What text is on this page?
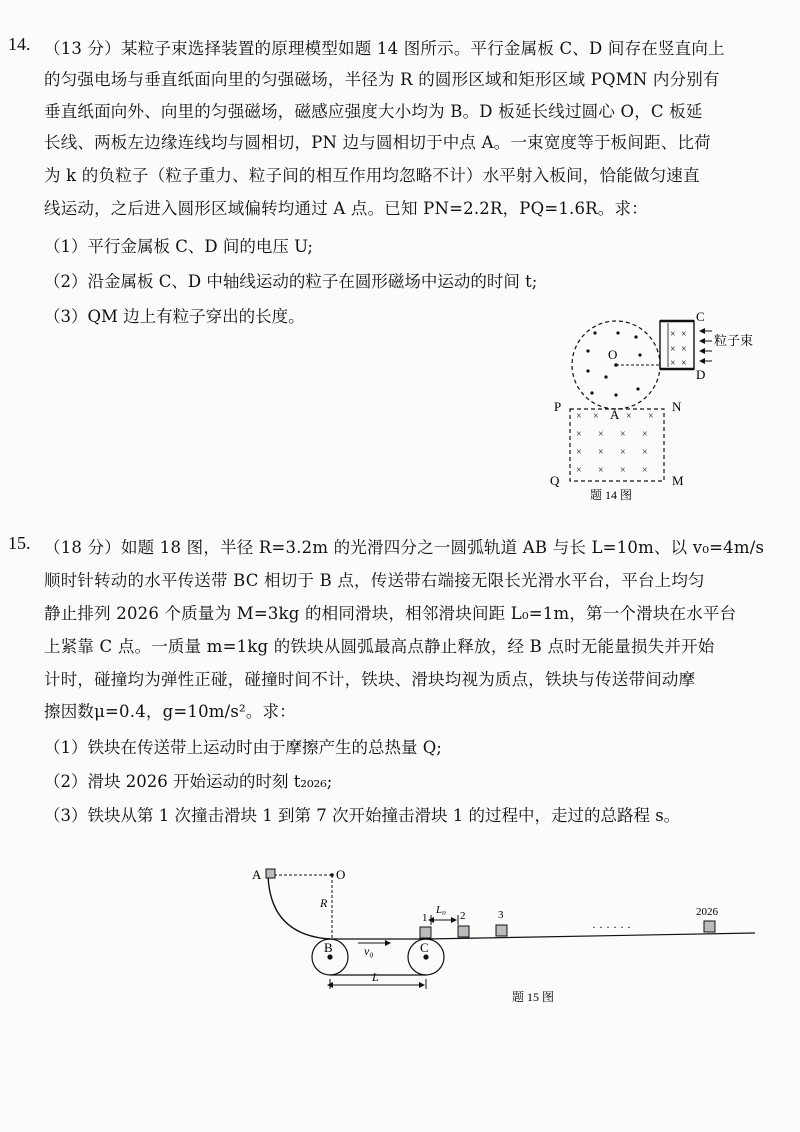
14. （13 分）某粒子束选择装置的原理模型如题 14 图所示。平行金属板 C、D 间存在竖直向上
的匀强电场与垂直纸面向里的匀强磁场，半径为 R 的圆形区域和矩形区域 PQMN 内分别有
垂直纸面向外、向里的匀强磁场，磁感应强度大小均为 B。D 板延长线过圆心 O，C 板延
长线、两板左边缘连线均与圆相切，PN 边与圆相切于中点 A。一束宽度等于板间距、比荷
为 k 的负粒子（粒子重力、粒子间的相互作用均忽略不计）水平射入板间，恰能做匀速直
线运动，之后进入圆形区域偏转均通过 A 点。已知 PN=2.2R，PQ=1.6R。求：
（1）平行金属板 C、D 间的电压 U;
（2）沿金属板 C、D 中轴线运动的粒子在圆形磁场中运动的时间 t;
（3）QM 边上有粒子穿出的长度。
O
× ×
× ×
× ×
C
D
粒子束
× ×	× ×
× × × ×
× × × ×
× × × ×
A
P	N
Q	M
题 14 图
15. （18 分）如题 18 图，半径 R=3.2m 的光滑四分之一圆弧轨道 AB 与长 L=10m、以 v₀=4m/s
顺时针转动的水平传送带 BC 相切于 B 点，传送带右端接无限长光滑水平台，平台上均匀
静止排列 2026 个质量为 M=3kg 的相同滑块，相邻滑块间距 L₀=1m，第一个滑块在水平台
上紧靠 C 点。一质量 m=1kg 的铁块从圆弧最高点静止释放，经 B 点时无能量损失并开始
计时，碰撞均为弹性正碰，碰撞时间不计，铁块、滑块均视为质点，铁块与传送带间动摩
擦因数μ=0.4，g=10m/s²。求：
（1）铁块在传送带上运动时由于摩擦产生的总热量 Q;
（2）滑块 2026 开始运动的时刻 t₂₀₂₆;
（3）铁块从第 1 次撞击滑块 1 到第 7 次开始撞击滑块 1 的过程中，走过的总路程 s。
O
R
A
B	C
v₀
L
1	2	3
· · · · · ·
2026
L₀
题 15 图
